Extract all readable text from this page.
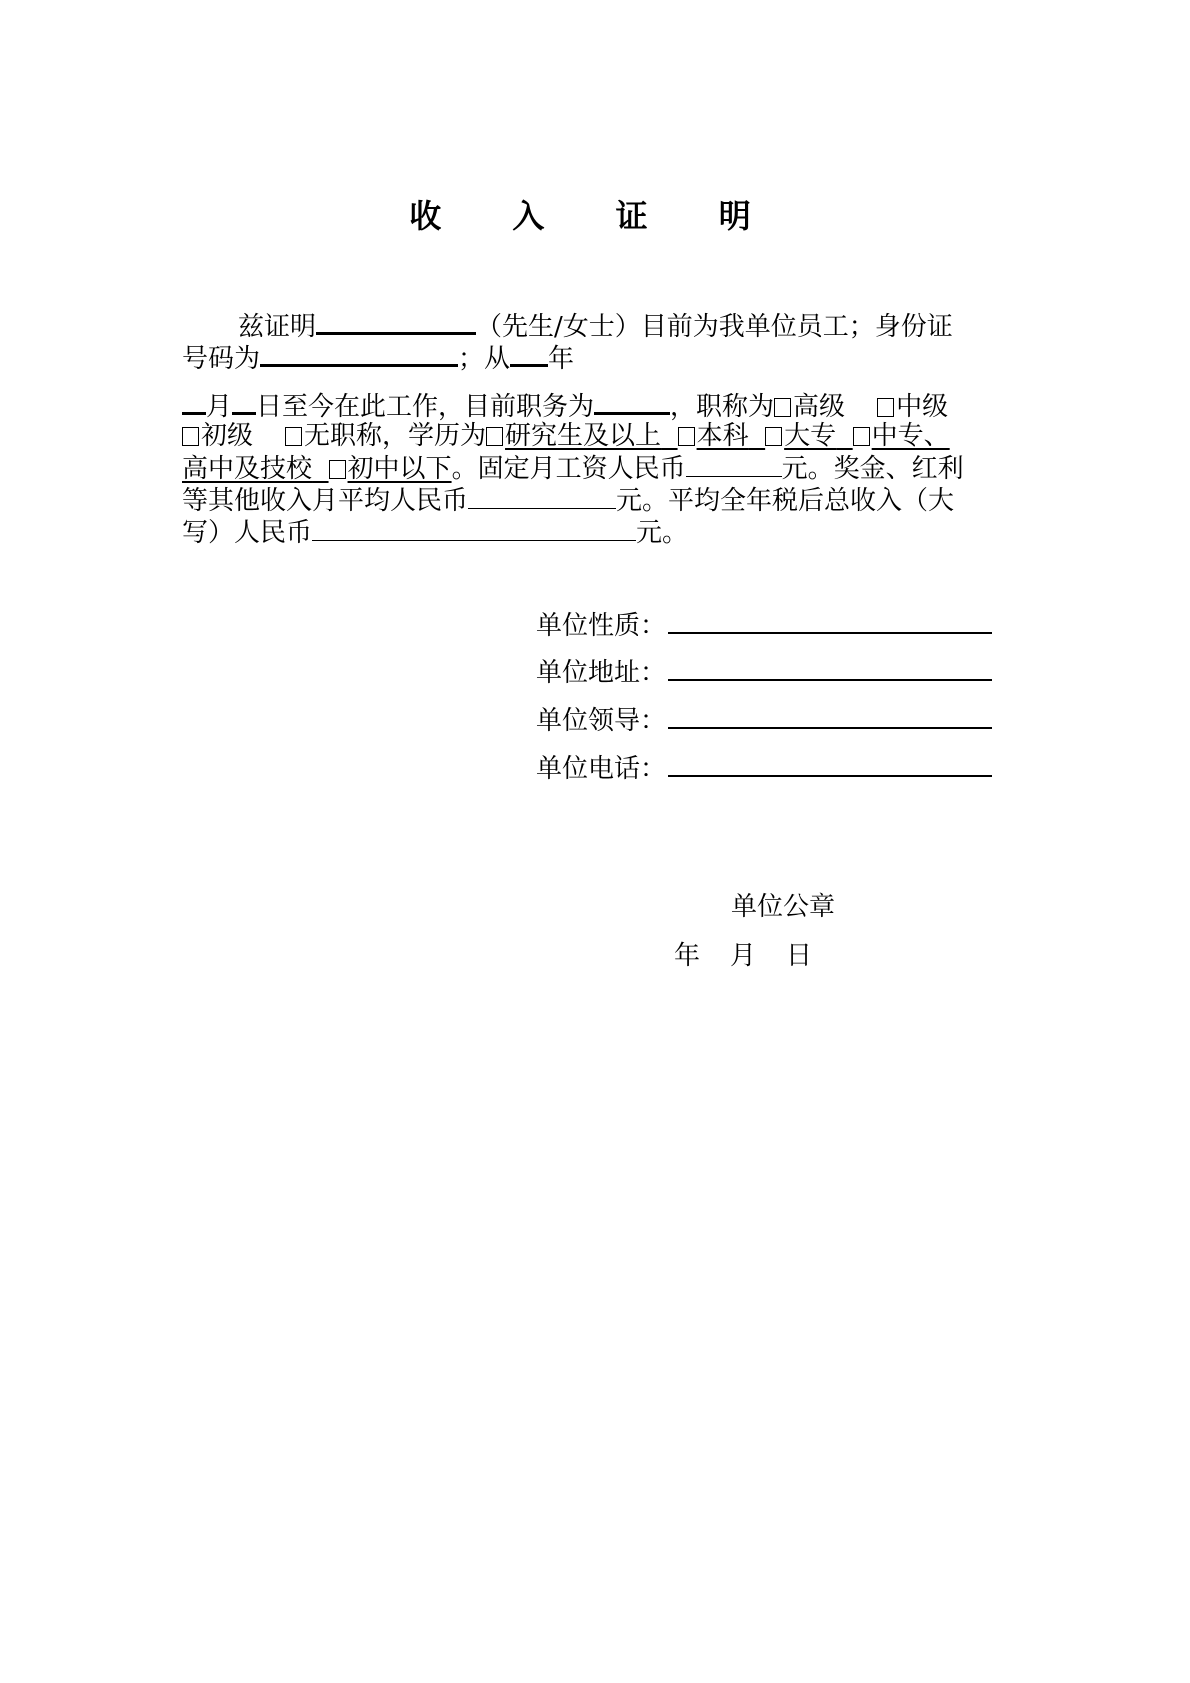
收 入 证 明
兹证明	（先生/女士）目前为我单位员工；身份证
号码为	；从 年
月 日至今在此工作，目前职务为	，职称为 高级 中级
初级 无职称，学历为 研究生及以上 本科 大专 中专、
高中及技校 初中以下。固定月工资人民币	元。奖金、红利
等其他收入月平均人民币	元。平均全年税后总收入（大
写）人民币	元。
单位性质：
单位地址：
单位领导：
单位电话：
单位公章
年 月 日
